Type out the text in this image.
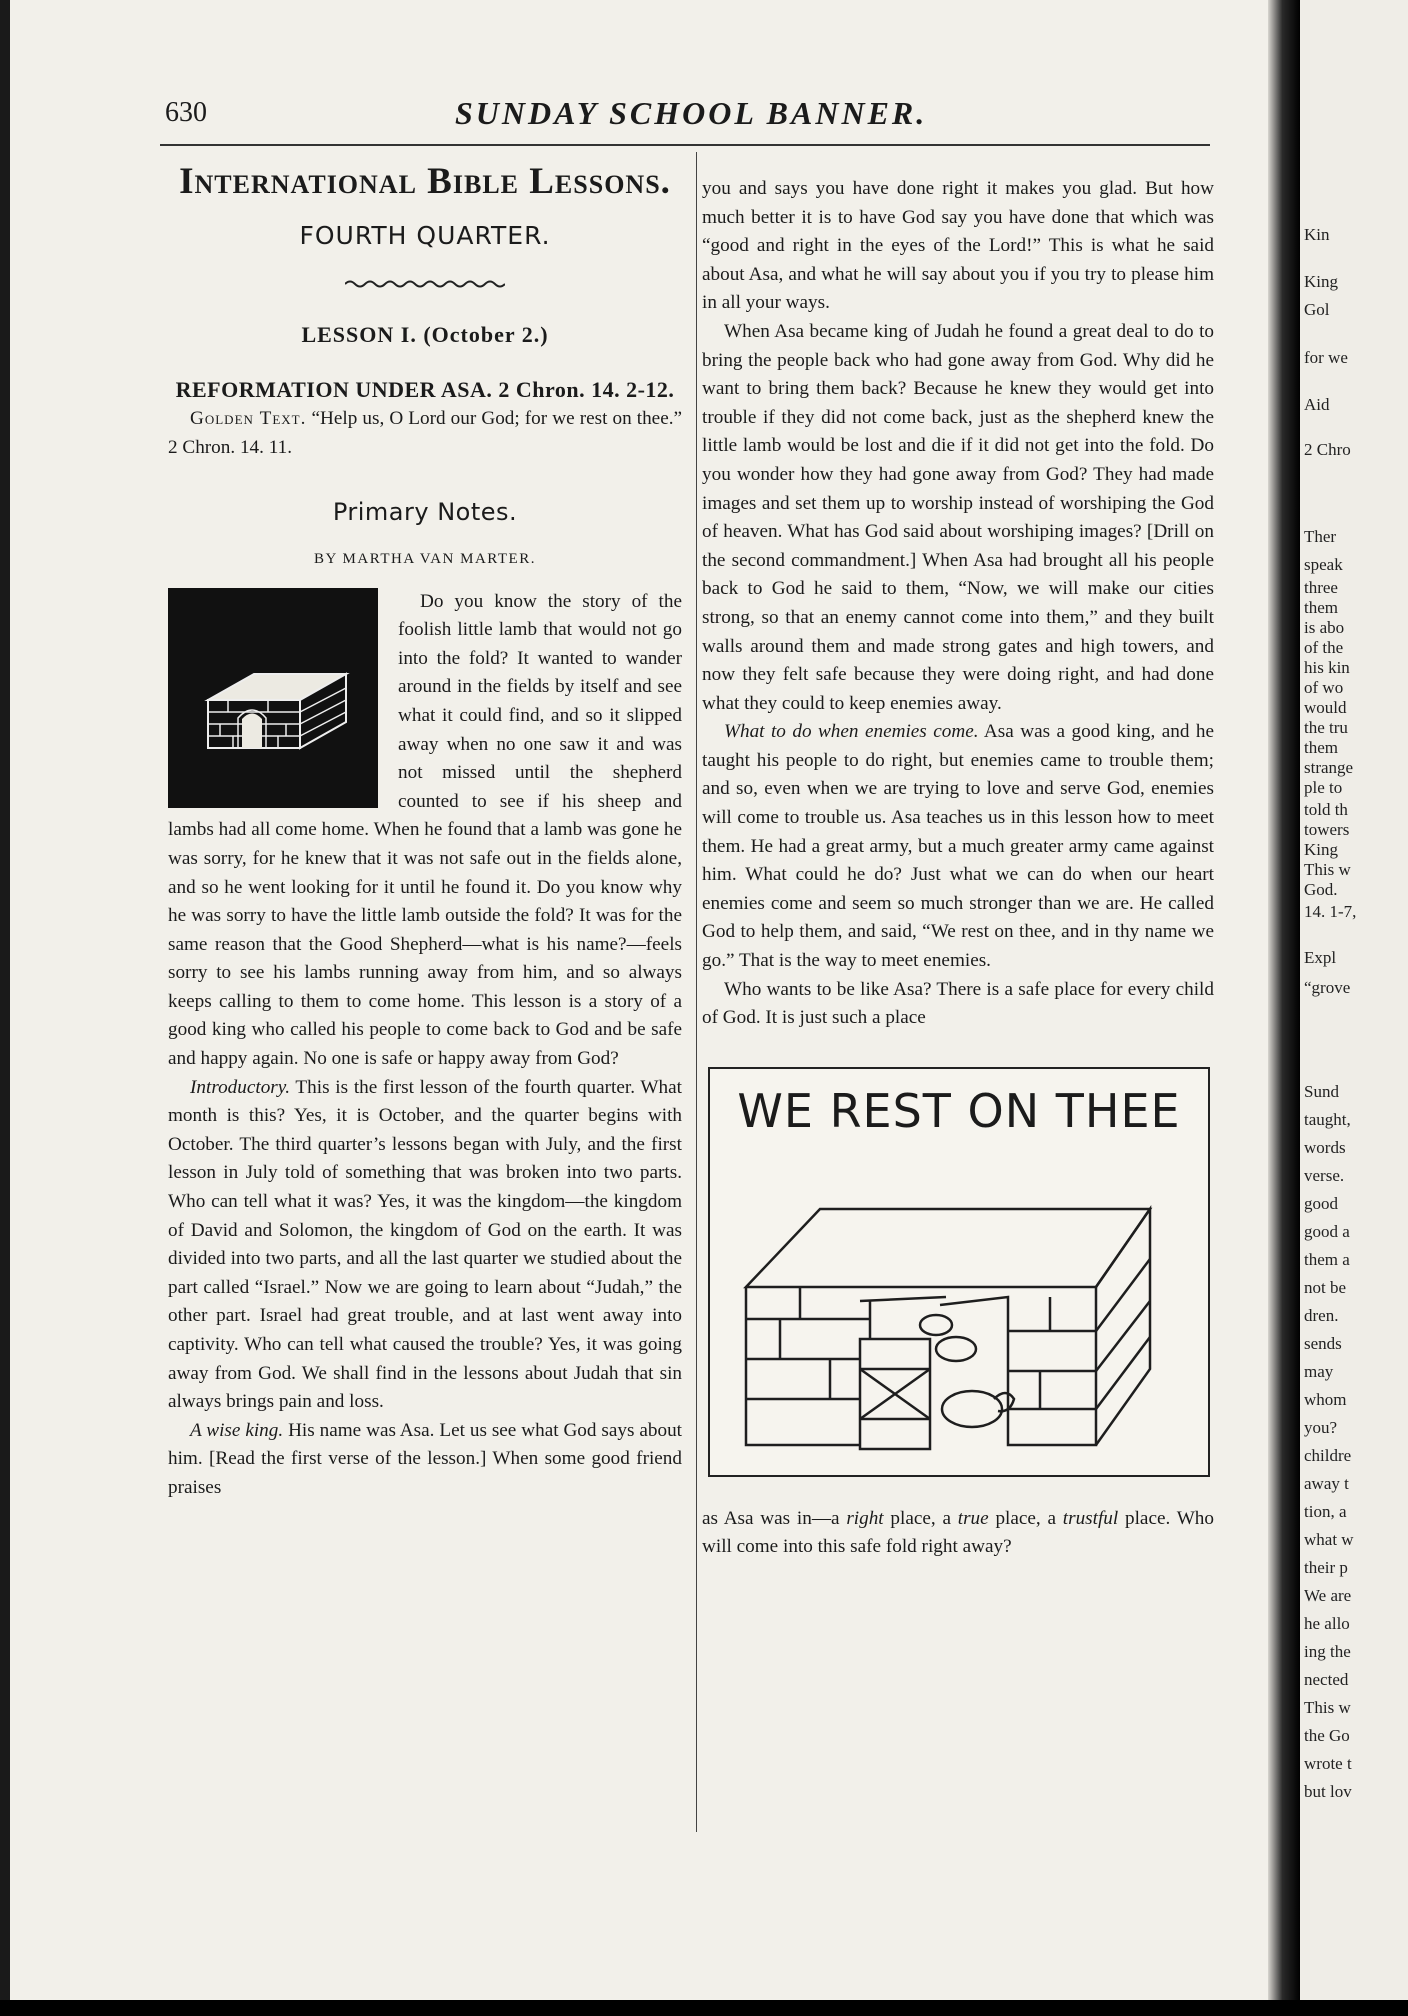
630	SUNDAY SCHOOL BANNER.
International Bible Lessons.
FOURTH QUARTER.
LESSON I. (October 2.)
REFORMATION UNDER ASA. 2 Chron. 14. 2-12.

Golden Text. “Help us, O Lord our God; for we rest on thee.” 2 Chron. 14. 11.

Primary Notes.
BY MARTHA VAN MARTER.

Do you know the story of the foolish little lamb that would not go into the fold? It wanted to wander around in the fields by itself and see what it could find, and so it slipped away when no one saw it and was not missed until the shepherd counted to see if his sheep and lambs had all come home. When he found that a lamb was gone he was sorry, for he knew that it was not safe out in the fields alone, and so he went looking for it until he found it. Do you know why he was sorry to have the little lamb outside the fold? It was for the same reason that the Good Shepherd—what is his name?—feels sorry to see his lambs running away from him, and so always keeps calling to them to come home. This lesson is a story of a good king who called his people to come back to God and be safe and happy again. No one is safe or happy away from God?

Introductory. This is the first lesson of the fourth quarter. What month is this? Yes, it is October, and the quarter begins with October. The third quarter’s lessons began with July, and the first lesson in July told of something that was broken into two parts. Who can tell what it was? Yes, it was the kingdom—the kingdom of David and Solomon, the kingdom of God on the earth. It was divided into two parts, and all the last quarter we studied about the part called “Israel.” Now we are going to learn about “Judah,” the other part. Israel had great trouble, and at last went away into captivity. Who can tell what caused the trouble? Yes, it was going away from God. We shall find in the lessons about Judah that sin always brings pain and loss.

A wise king. His name was Asa. Let us see what God says about him. [Read the first verse of the lesson.] When some good friend praises

you and says you have done right it makes you glad. But how much better it is to have God say you have done that which was “good and right in the eyes of the Lord!” This is what he said about Asa, and what he will say about you if you try to please him in all your ways.

When Asa became king of Judah he found a great deal to do to bring the people back who had gone away from God. Why did he want to bring them back? Because he knew they would get into trouble if they did not come back, just as the shepherd knew the little lamb would be lost and die if it did not get into the fold. Do you wonder how they had gone away from God? They had made images and set them up to worship instead of worshiping the God of heaven. What has God said about worshiping images? [Drill on the second commandment.] When Asa had brought all his people back to God he said to them, “Now, we will make our cities strong, so that an enemy cannot come into them,” and they built walls around them and made strong gates and high towers, and now they felt safe because they were doing right, and had done what they could to keep enemies away.

What to do when enemies come. Asa was a good king, and he taught his people to do right, but enemies came to trouble them; and so, even when we are trying to love and serve God, enemies will come to trouble us. Asa teaches us in this lesson how to meet them. He had a great army, but a much greater army came against him. What could he do? Just what we can do when our heart enemies come and seem so much stronger than we are. He called God to help them, and said, “We rest on thee, and in thy name we go.” That is the way to meet enemies.

Who wants to be like Asa? There is a safe place for every child of God. It is just such a place

WE REST ON THEE

as Asa was in—a right place, a true place, a trustful place. Who will come into this safe fold right away?

Kin
King
Gol
for we
Aid
2 Chro
Ther
speak
three
them
is abo
of the
his kin
of wo
would
the tru
them
strange
ple to
told th
towers
King
This w
God.
14. 1-7,
Expl
“grove
Sund
taught,
words
verse.
good
good a
them a
not be
dren.
sends
may
whom
you?
childre
away t
tion, a
what w
their p
We are
he allo
ing the
nected
This w
the Go
wrote t
but lov
